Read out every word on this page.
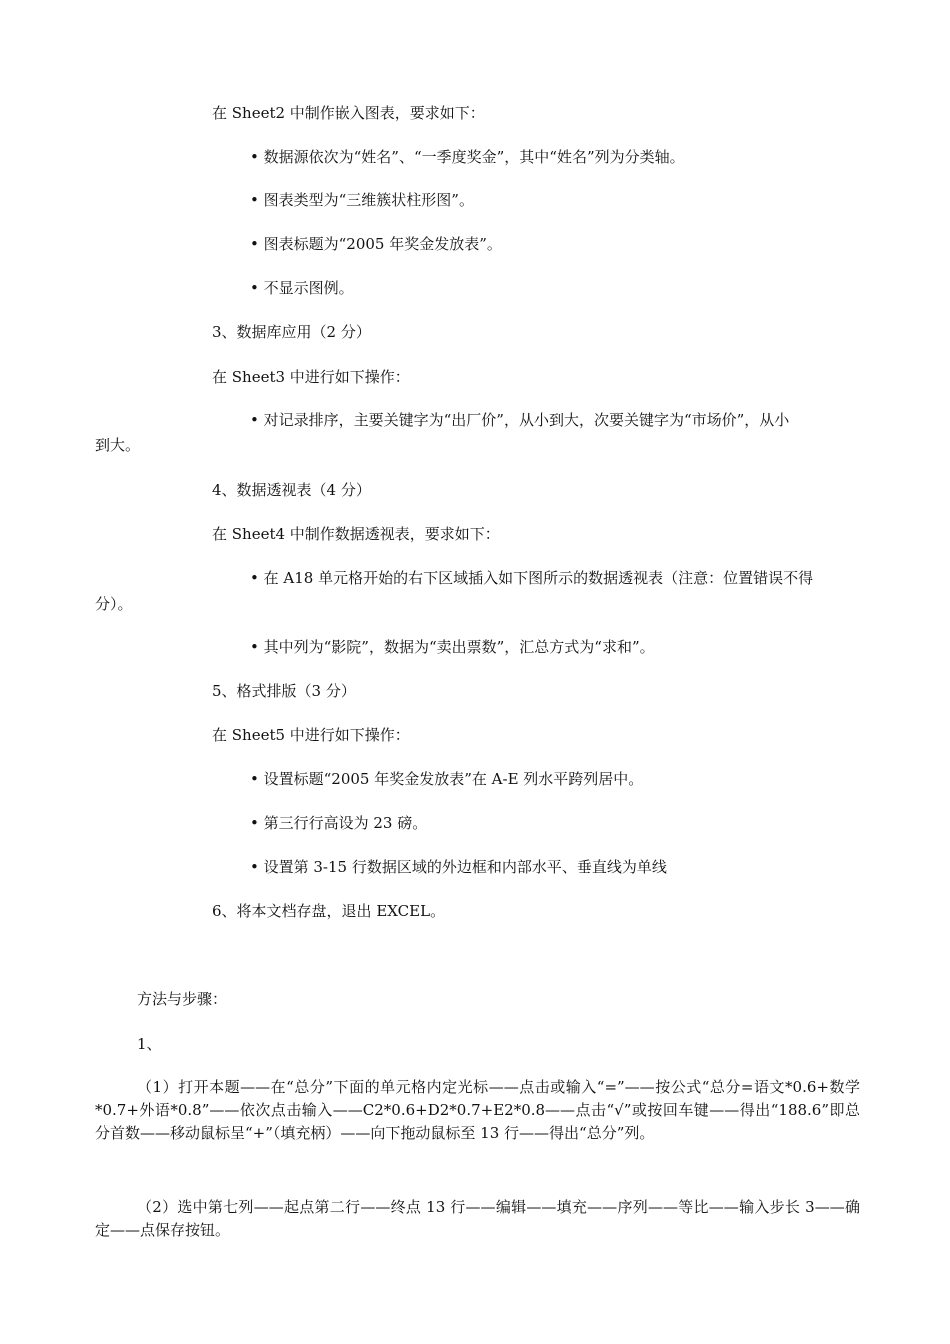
在 Sheet2 中制作嵌入图表，要求如下：
• 数据源依次为“姓名”、“一季度奖金”，其中“姓名”列为分类轴。
• 图表类型为“三维簇状柱形图”。
• 图表标题为“2005 年奖金发放表”。
• 不显示图例。
3、数据库应用（2 分）
在 Sheet3 中进行如下操作：
• 对记录排序，主要关键字为“出厂价”，从小到大，次要关键字为“市场价”，从小
到大。
4、数据透视表（4 分）
在 Sheet4 中制作数据透视表，要求如下：
• 在 A18 单元格开始的右下区域插入如下图所示的数据透视表（注意：位置错误不得
分）。
• 其中列为“影院”，数据为“卖出票数”，汇总方式为“求和”。
5、格式排版（3 分）
在 Sheet5 中进行如下操作：
• 设置标题“2005 年奖金发放表”在 A-E 列水平跨列居中。
• 第三行行高设为 23 磅。
• 设置第 3-15 行数据区域的外边框和内部水平、垂直线为单线
6、将本文档存盘，退出 EXCEL。
方法与步骤：
1、
（1）打开本题——在“总分”下面的单元格内定光标——点击或输入“=”——按公式“总分=语文*0.6+数学*0.7+外语*0.8”——依次点击输入——C2*0.6+D2*0.7+E2*0.8——点击“√”或按回车键——得出“188.6”即总分首数——移动鼠标呈“+”（填充柄）——向下拖动鼠标至 13 行——得出“总分”列。
（2）选中第七列——起点第二行——终点 13 行——编辑——填充——序列——等比——输入步长 3——确定——点保存按钮。
